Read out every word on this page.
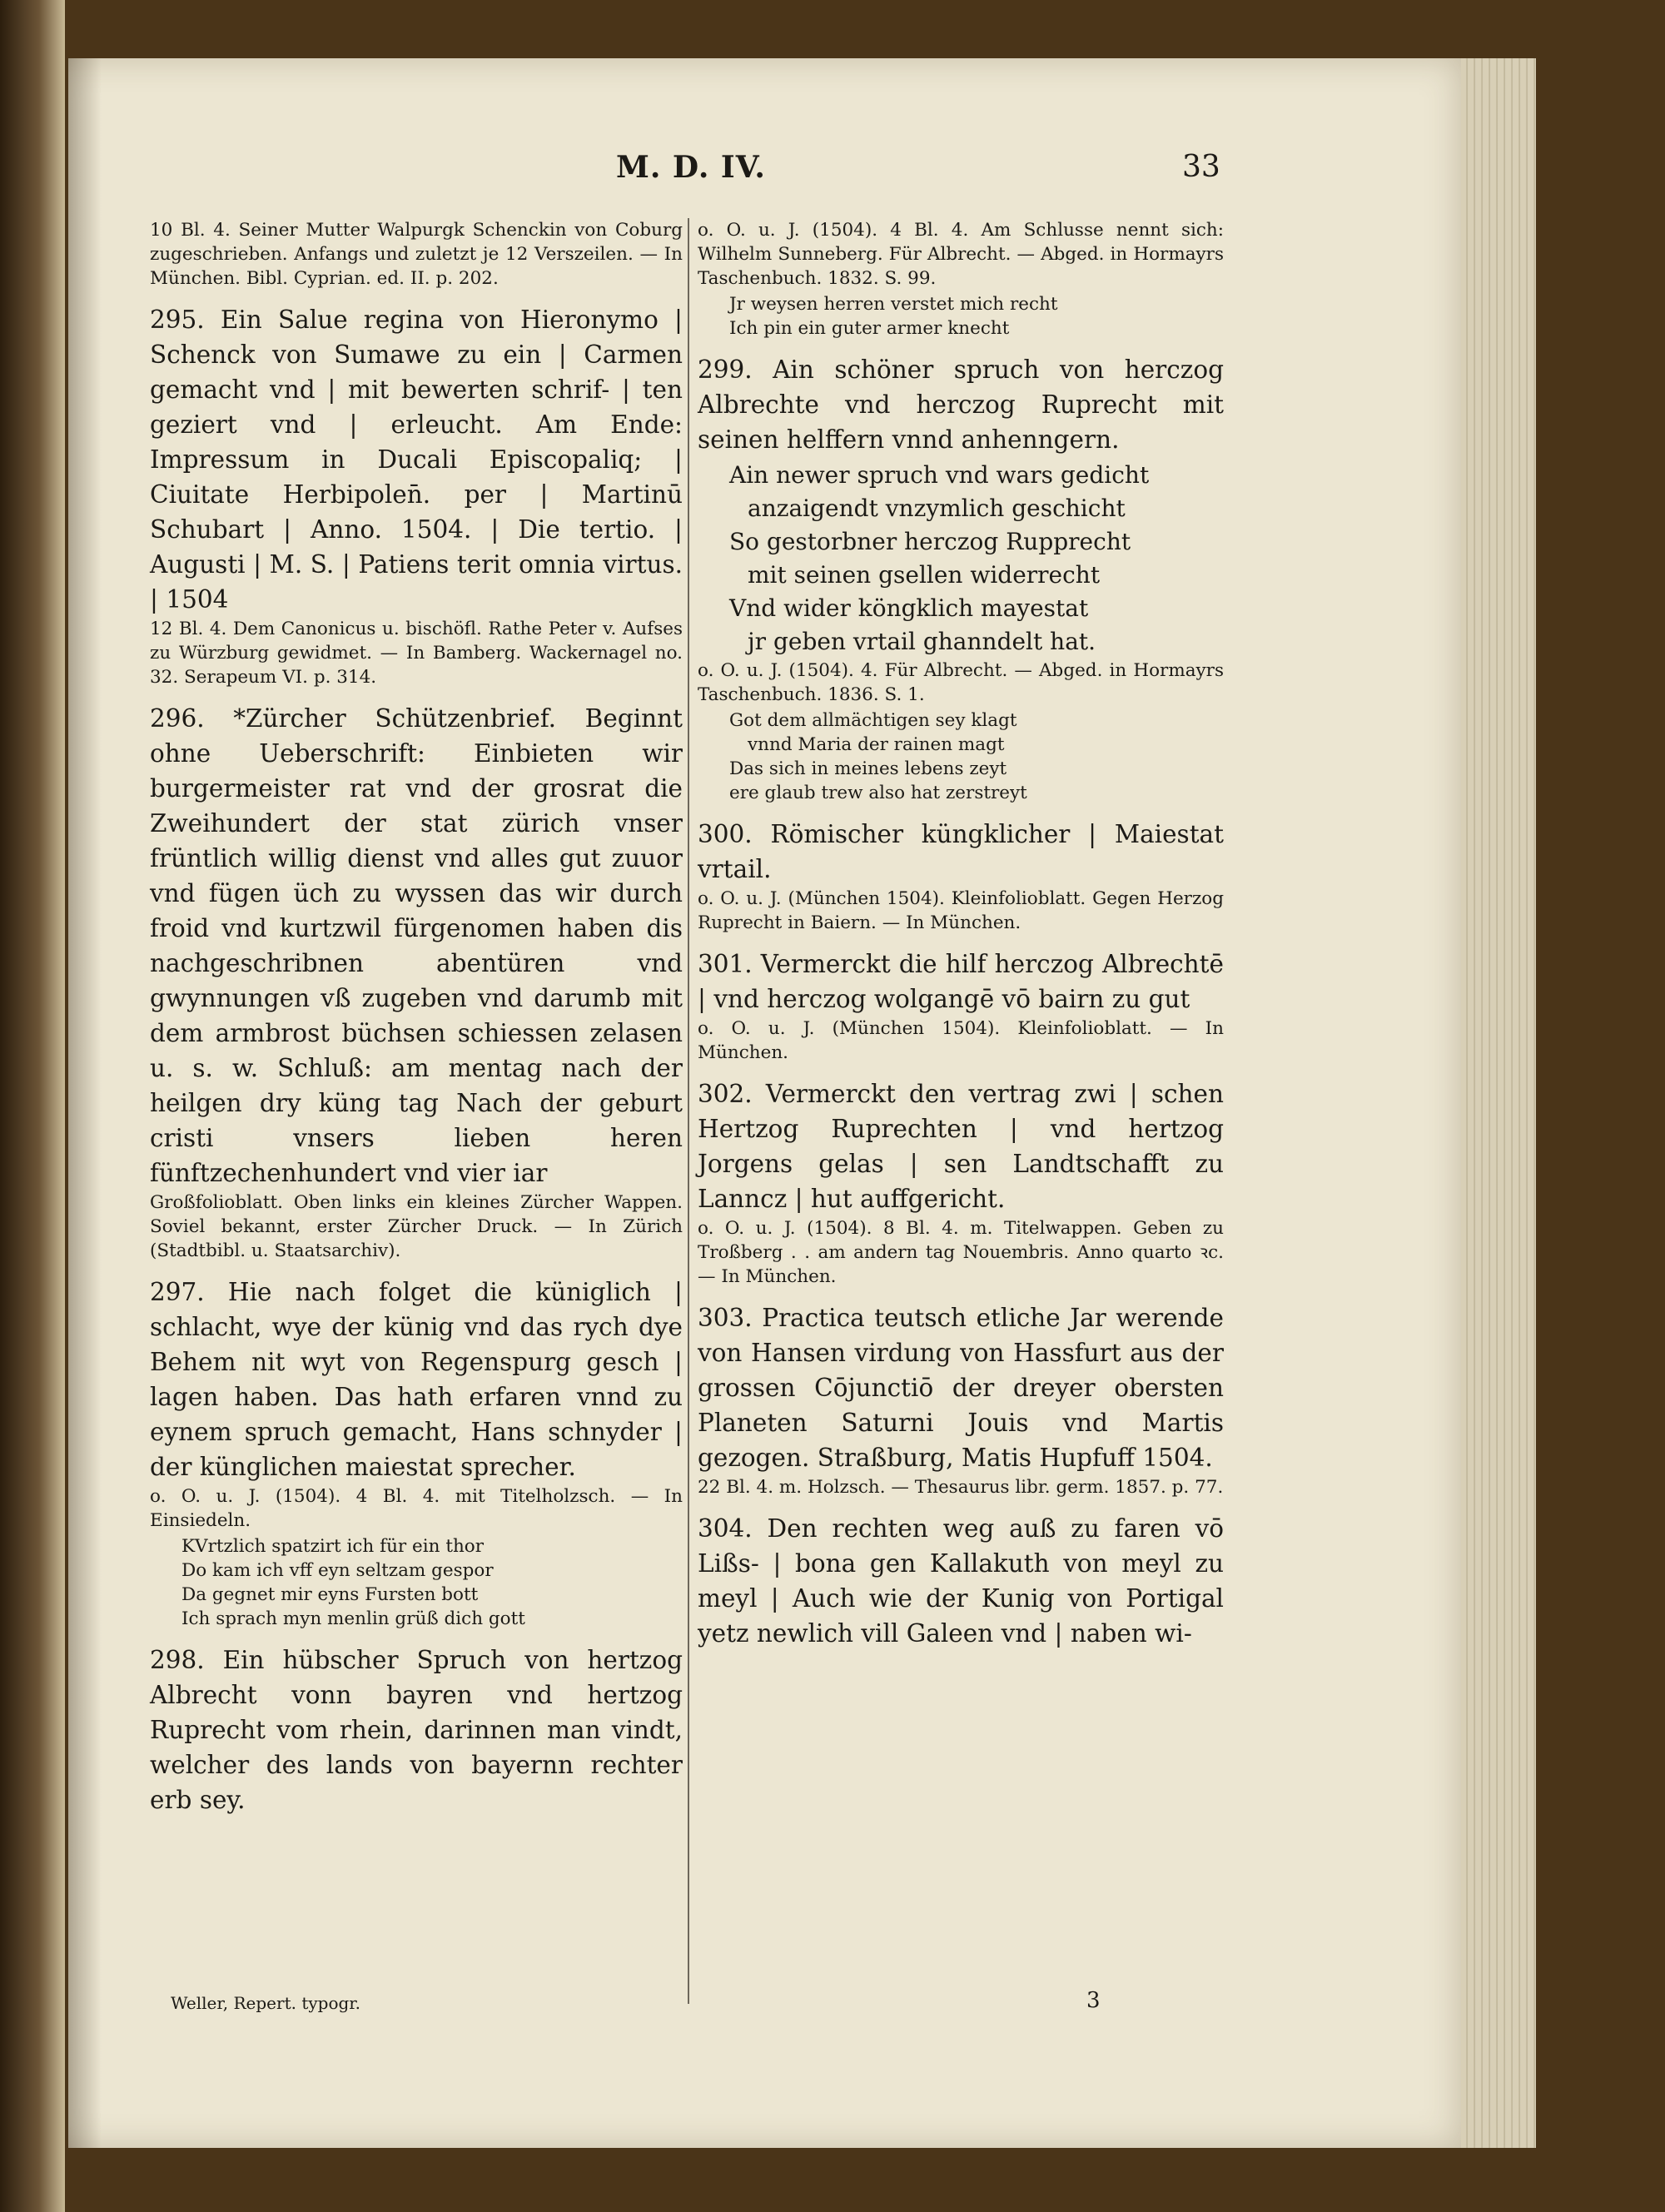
M. D. IV.	33

10 Bl. 4. Seiner Mutter Walpurgk Schenckin von Coburg zugeschrieben. Anfangs und zuletzt je 12 Verszeilen. — In München. Bibl. Cyprian. ed. II. p. 202.

295. Ein Salue regina von Hieronymo | Schenck von Sumawe zu ein | Carmen gemacht vnd | mit bewerten schrif- | ten geziert vnd | erleucht. Am Ende: Impressum in Ducali Episcopaliq; | Ciuitate Herbipolen̄. per | Martinū Schubart | Anno. 1504. | Die tertio. | Augusti | M. S. | Patiens terit omnia virtus. | 1504

12 Bl. 4. Dem Canonicus u. bischöfl. Rathe Peter v. Aufses zu Würzburg gewidmet. — In Bamberg. Wackernagel no. 32. Serapeum VI. p. 314.

296. *Zürcher Schützenbrief. Beginnt ohne Ueberschrift: Einbieten wir burgermeister rat vnd der grosrat die Zweihundert der stat zürich vnser früntlich willig dienst vnd alles gut zuuor vnd fügen üch zu wyssen das wir durch froid vnd kurtzwil fürgenomen haben dis nachgeschribnen abentüren vnd gwynnungen vß zugeben vnd darumb mit dem armbrost büchsen schiessen zelasen u. s. w. Schluß: am mentag nach der heilgen dry küng tag Nach der geburt cristi vnsers lieben heren fünftzechenhundert vnd vier iar

Großfolioblatt. Oben links ein kleines Zürcher Wappen. Soviel bekannt, erster Zürcher Druck. — In Zürich (Stadtbibl. u. Staatsarchiv).

297. Hie nach folget die küniglich | schlacht, wye der künig vnd das rych dye Behem nit wyt von Regenspurg gesch | lagen haben. Das hath erfaren vnnd zu eynem spruch gemacht, Hans schnyder | der künglichen maiestat sprecher.

o. O. u. J. (1504). 4 Bl. 4. mit Titelholzsch. — In Einsiedeln.

KVrtzlich spatzirt ich für ein thor
Do kam ich vff eyn seltzam gespor
Da gegnet mir eyns Fursten bott
Ich sprach myn menlin grüß dich gott

298. Ein hübscher Spruch von hertzog Albrecht vonn bayren vnd hertzog Ruprecht vom rhein, darinnen man vindt, welcher des lands von bayernn rechter erb sey.

o. O. u. J. (1504). 4 Bl. 4. Am Schlusse nennt sich: Wilhelm Sunneberg. Für Albrecht. — Abged. in Hormayrs Taschenbuch. 1832. S. 99.

Jr weysen herren verstet mich recht
Ich pin ein guter armer knecht

299. Ain schöner spruch von herczog Albrechte vnd herczog Ruprecht mit seinen helffern vnnd anhenngern.

Ain newer spruch vnd wars gedicht
anzaigendt vnzymlich geschicht
So gestorbner herczog Rupprecht
mit seinen gsellen widerrecht
Vnd wider köngklich mayestat
jr geben vrtail ghanndelt hat.

o. O. u. J. (1504). 4. Für Albrecht. — Abged. in Hormayrs Taschenbuch. 1836. S. 1.

Got dem allmächtigen sey klagt
vnnd Maria der rainen magt
Das sich in meines lebens zeyt
ere glaub trew also hat zerstreyt

300. Römischer küngklicher | Maiestat vrtail.

o. O. u. J. (München 1504). Kleinfolioblatt. Gegen Herzog Ruprecht in Baiern. — In München.

301. Vermerckt die hilf herczog Albrechtē | vnd herczog wolgangē vō bairn zu gut

o. O. u. J. (München 1504). Kleinfolioblatt. — In München.

302. Vermerckt den vertrag zwi | schen Hertzog Ruprechten | vnd hertzog Jorgens gelas | sen Landtschafft zu Lanncz | hut auffgericht.

o. O. u. J. (1504). 8 Bl. 4. m. Titelwappen. Geben zu Troßberg . . am andern tag Nouembris. Anno quarto ꝛc. — In München.

303. Practica teutsch etliche Jar werende von Hansen virdung von Hassfurt aus der grossen Cōjunctiō der dreyer obersten Planeten Saturni Jouis vnd Martis gezogen. Straßburg, Matis Hupfuff 1504.

22 Bl. 4. m. Holzsch. — Thesaurus libr. germ. 1857. p. 77.

304. Den rechten weg auß zu faren vō Lißs- | bona gen Kallakuth von meyl zu meyl | Auch wie der Kunig von Portigal yetz newlich vill Galeen vnd | naben wi-

Weller, Repert. typogr.	3
